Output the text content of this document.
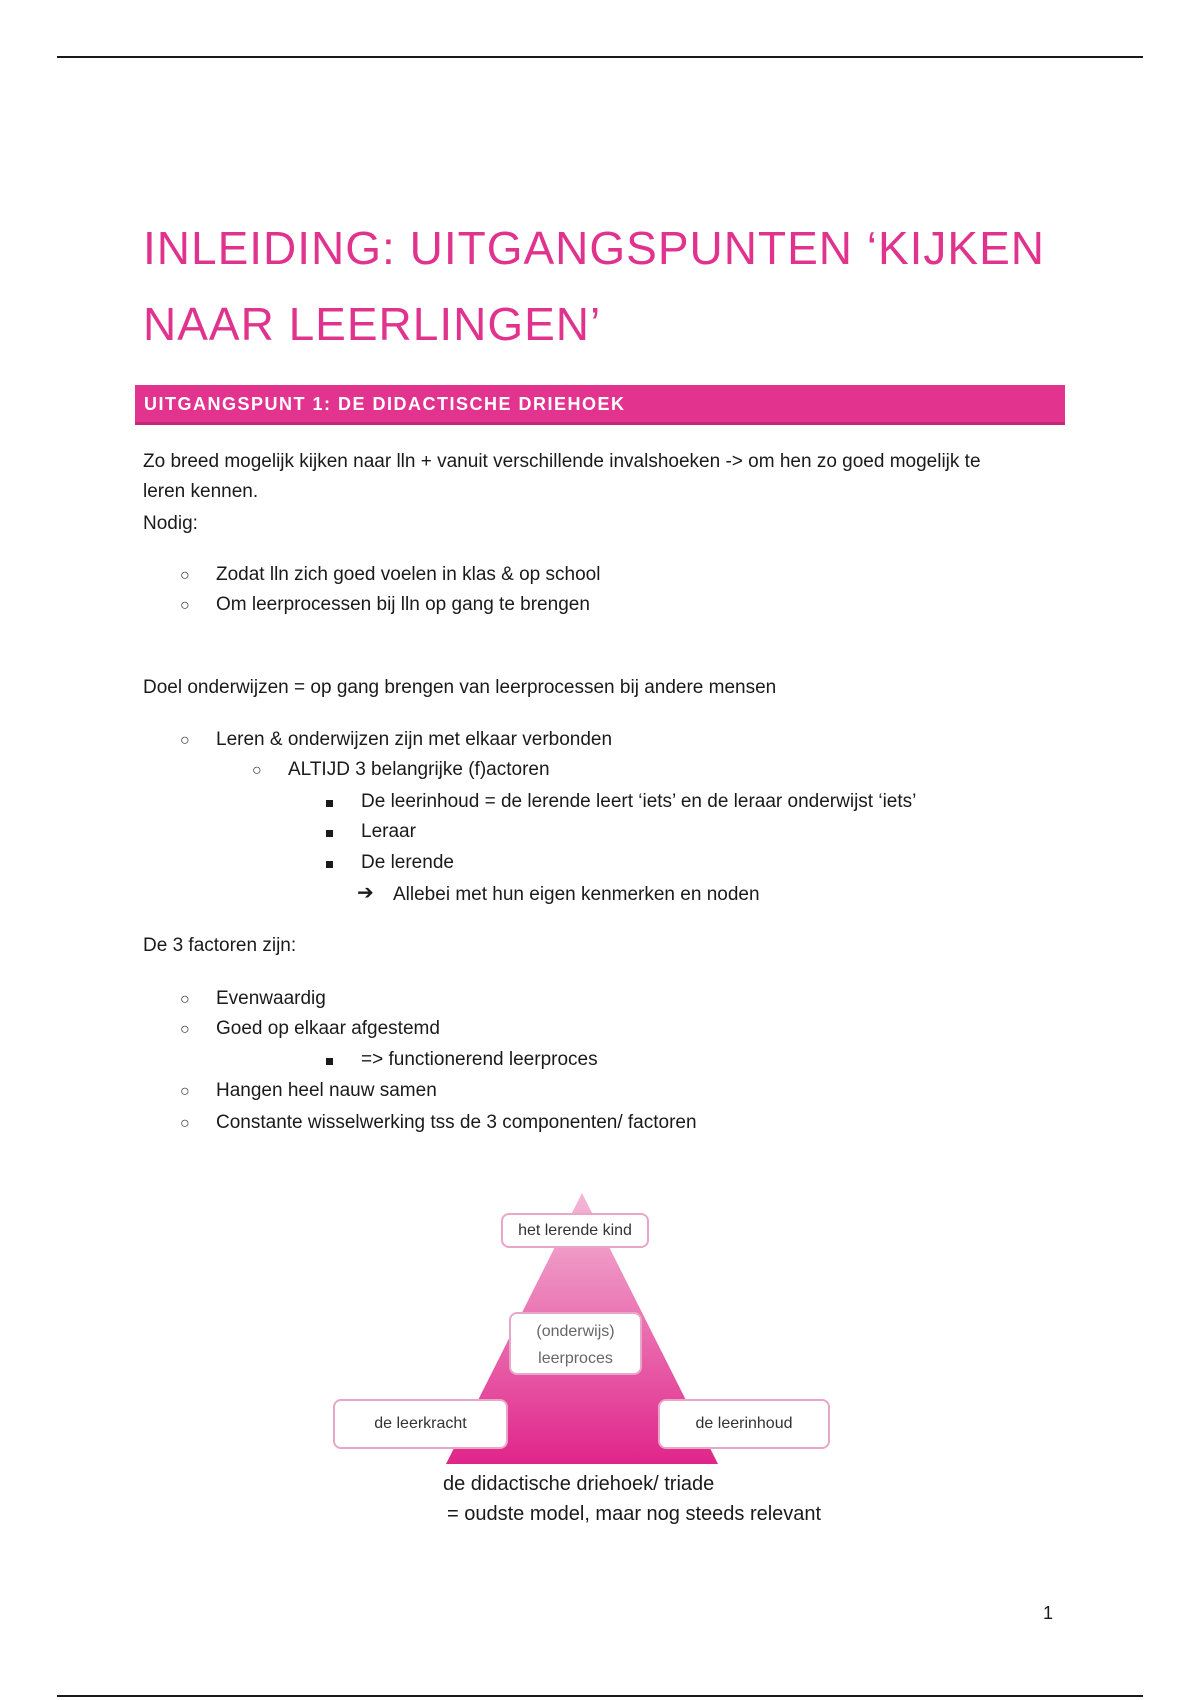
INLEIDING: UITGANGSPUNTEN ‘KIJKEN
NAAR LEERLINGEN’
UITGANGSPUNT 1: DE DIDACTISCHE DRIEHOEK
Zo breed mogelijk kijken naar lln + vanuit verschillende invalshoeken -> om hen zo goed mogelijk te
leren kennen.
Nodig:
○ Zodat lln zich goed voelen in klas & op school
○ Om leerprocessen bij lln op gang te brengen
Doel onderwijzen = op gang brengen van leerprocessen bij andere mensen
○ Leren & onderwijzen zijn met elkaar verbonden
○ ALTIJD 3 belangrijke (f)actoren
De leerinhoud = de lerende leert ‘iets’ en de leraar onderwijst ‘iets’
Leraar
De lerende
➔ Allebei met hun eigen kenmerken en noden
De 3 factoren zijn:
○ Evenwaardig
○ Goed op elkaar afgestemd
=> functionerend leerproces
○ Hangen heel nauw samen
○ Constante wisselwerking tss de 3 componenten/ factoren
het lerende kind
(onderwijs)
leerproces
de leerkracht	de leerinhoud
de didactische driehoek/ triade
= oudste model, maar nog steeds relevant
1
